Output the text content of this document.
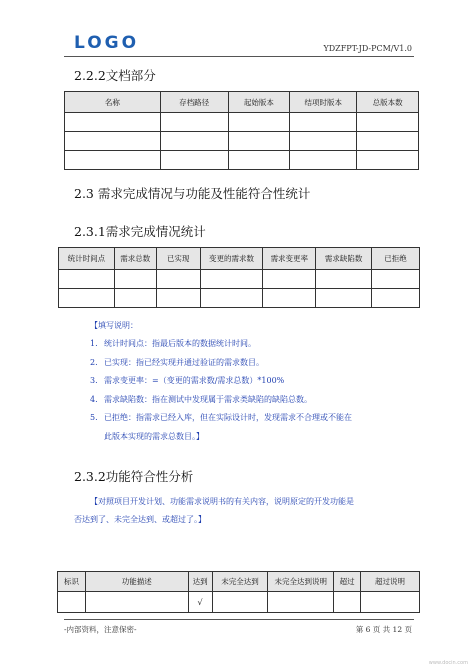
LOGO	YDZFPT-JD-PCM/V1.0
2.2.2文档部分
名称	存档路径	起始版本	结项时版本	总版本数

2.3 需求完成情况与功能及性能符合性统计
2.3.1需求完成情况统计
统计时间点	需求总数	已实现	变更的需求数	需求变更率	需求缺陷数	已拒绝

【填写说明：
1. 统计时间点：指最后版本的数据统计时间。
2. 已实现：指已经实现并通过验证的需求数目。
3. 需求变更率：=（变更的需求数/需求总数）*100%
4. 需求缺陷数：指在测试中发现属于需求类缺陷的缺陷总数。
5. 已拒绝：指需求已经入库，但在实际设计时，发现需求不合理或不能在
此版本实现的需求总数目。】
2.3.2功能符合性分析
【对照项目开发计划、功能需求说明书的有关内容，说明原定的开发功能是
否达到了、未完全达到、或超过了。】
标识	功能描述	达到	未完全达到	未完全达到说明	超过	超过说明
		√				
-内部资料，注意保密-	第 6 页 共 12 页
www.docin.com
